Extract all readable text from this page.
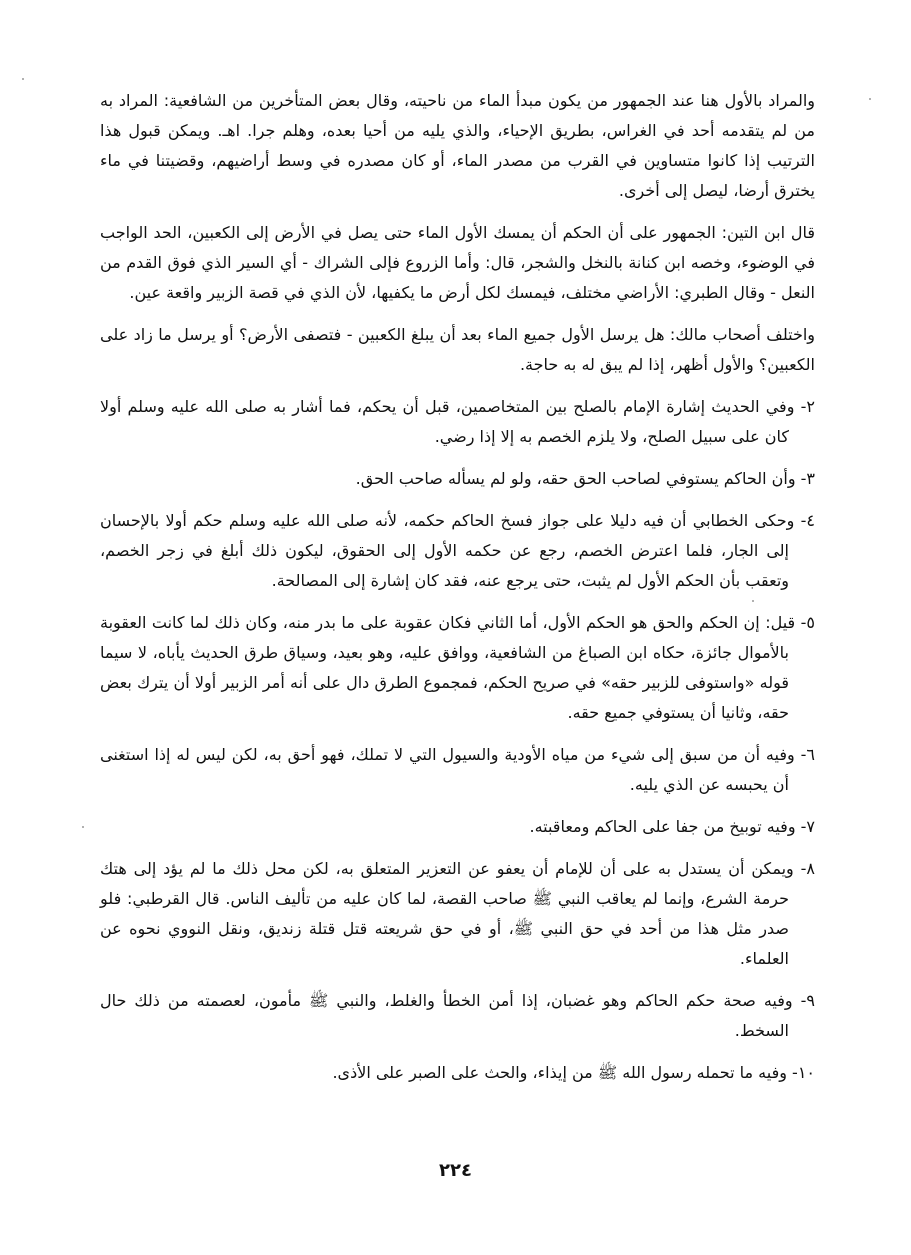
والمراد بالأول هنا عند الجمهور من يكون مبدأ الماء من ناحيته، وقال بعض المتأخرين من الشافعية: المراد به من لم يتقدمه أحد في الغراس، بطريق الإحياء، والذي يليه من أحيا بعده، وهلم جرا. اهـ. ويمكن قبول هذا الترتيب إذا كانوا متساوين في القرب من مصدر الماء، أو كان مصدره في وسط أراضيهم، وقضيتنا في ماء يخترق أرضا، ليصل إلى أخرى.

قال ابن التين: الجمهور على أن الحكم أن يمسك الأول الماء حتى يصل في الأرض إلى الكعبين، الحد الواجب في الوضوء، وخصه ابن كنانة بالنخل والشجر، قال: وأما الزروع فإلى الشراك - أي السير الذي فوق القدم من النعل - وقال الطبري: الأراضي مختلف، فيمسك لكل أرض ما يكفيها، لأن الذي في قصة الزبير واقعة عين.

واختلف أصحاب مالك: هل يرسل الأول جميع الماء بعد أن يبلغ الكعبين - فتصفى الأرض؟ أو يرسل ما زاد على الكعبين؟ والأول أظهر، إذا لم يبق له به حاجة.

٢- وفي الحديث إشارة الإمام بالصلح بين المتخاصمين، قبل أن يحكم، فما أشار به صلى الله عليه وسلم أولا كان على سبيل الصلح، ولا يلزم الخصم به إلا إذا رضي.

٣- وأن الحاكم يستوفي لصاحب الحق حقه، ولو لم يسأله صاحب الحق.

٤- وحكى الخطابي أن فيه دليلا على جواز فسخ الحاكم حكمه، لأنه صلى الله عليه وسلم حكم أولا بالإحسان إلى الجار، فلما اعترض الخصم، رجع عن حكمه الأول إلى الحقوق، ليكون ذلك أبلغ في زجر الخصم، وتعقب بأن الحكم الأول لم يثبت، حتى يرجع عنه، فقد كان إشارة إلى المصالحة.

٥- قيل: إن الحكم والحق هو الحكم الأول، أما الثاني فكان عقوبة على ما بدر منه، وكان ذلك لما كانت العقوبة بالأموال جائزة، حكاه ابن الصباغ من الشافعية، ووافق عليه، وهو بعيد، وسياق طرق الحديث يأباه، لا سيما قوله «واستوفى للزبير حقه» في صريح الحكم، فمجموع الطرق دال على أنه أمر الزبير أولا أن يترك بعض حقه، وثانيا أن يستوفي جميع حقه.

٦- وفيه أن من سبق إلى شيء من مياه الأودية والسيول التي لا تملك، فهو أحق به، لكن ليس له إذا استغنى أن يحبسه عن الذي يليه.

٧- وفيه توبيخ من جفا على الحاكم ومعاقبته.

٨- ويمكن أن يستدل به على أن للإمام أن يعفو عن التعزير المتعلق به، لكن محل ذلك ما لم يؤد إلى هتك حرمة الشرع، وإنما لم يعاقب النبي ﷺ صاحب القصة، لما كان عليه من تأليف الناس. قال القرطبي: فلو صدر مثل هذا من أحد في حق النبي ﷺ، أو في حق شريعته قتل قتلة زنديق، ونقل النووي نحوه عن العلماء.

٩- وفيه صحة حكم الحاكم وهو غضبان، إذا أمن الخطأ والغلط، والنبي ﷺ مأمون، لعصمته من ذلك حال السخط.

١٠- وفيه ما تحمله رسول الله ﷺ من إيذاء، والحث على الصبر على الأذى.

٢٢٤
